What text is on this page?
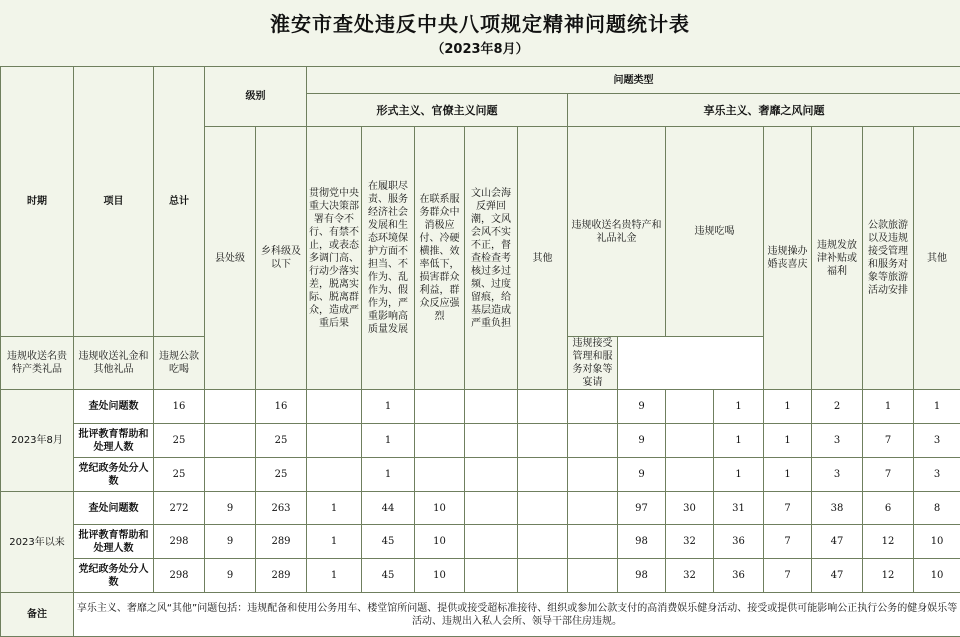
淮安市查处违反中央八项规定精神问题统计表
（2023年8月）
时期	项目	总计	级别		问题类型												
					形式主义、官僚主义问题					享乐主义、奢靡之风问题							
			县处级	乡科级及以下	贯彻党中央重大决策部署有令不行、有禁不止，或表态多调门高、行动少落实差，脱离实际、脱离群众，造成严重后果	在履职尽责、服务经济社会发展和生态环境保护方面不担当、不作为、乱作为、假作为，严重影响高质量发展	在联系服务群众中消极应付、冷硬横推、效率低下，损害群众利益，群众反应强烈	文山会海反弹回潮，文风会风不实不正，督查检查考核过多过频、过度留痕，给基层造成严重负担	其他	违规收送名贵特产和礼品礼金		违规吃喝		违规操办婚丧喜庆	违规发放津补贴或福利	公款旅游以及违规接受管理和服务对象等旅游活动安排	其他
违规收送名贵特产类礼品	违规收送礼金和其他礼品	违规公款吃喝								违规接受管理和服务对象等宴请							
2023年8月	查处问题数	16		16		1					9		1	1	2	1	1
	批评教育帮助和处理人数	25		25		1					9		1	1	3	7	3
	党纪政务处分人数	25		25		1					9		1	1	3	7	3
2023年以来	查处问题数	272	9	263	1	44	10				97	30	31	7	38	6	8
	批评教育帮助和处理人数	298	9	289	1	45	10				98	32	36	7	47	12	10
	党纪政务处分人数	298	9	289	1	45	10				98	32	36	7	47	12	10
备注	享乐主义、奢靡之风“其他”问题包括：违规配备和使用公务用车、楼堂馆所问题、提供或接受超标准接待、组织或参加公款支付的高消费娱乐健身活动、接受或提供可能影响公正执行公务的健身娱乐等活动、违规出入私人会所、领导干部住房违规。																
